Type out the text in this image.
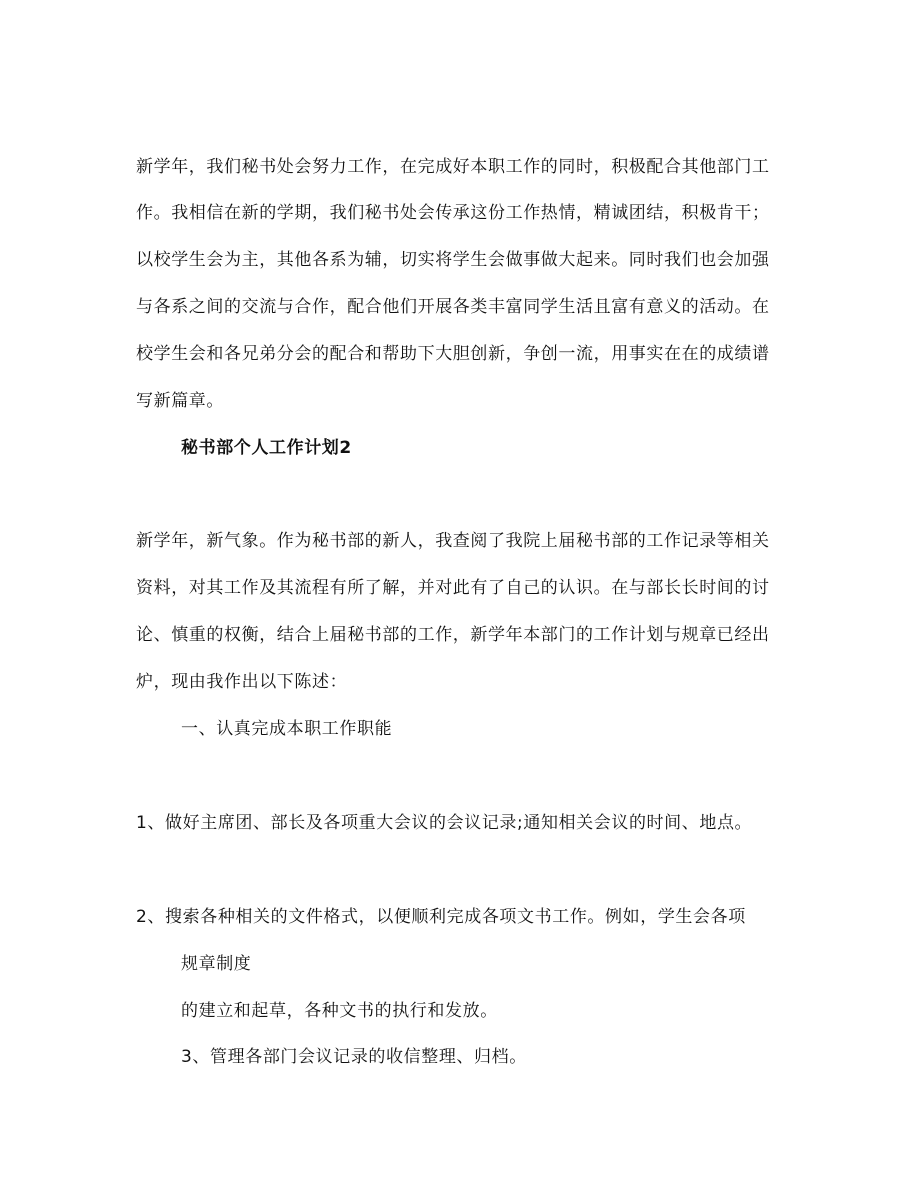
新学年，我们秘书处会努力工作，在完成好本职工作的同时，积极配合其他部门工
作。我相信在新的学期，我们秘书处会传承这份工作热情，精诚团结，积极肯干；
以校学生会为主，其他各系为辅，切实将学生会做事做大起来。同时我们也会加强
与各系之间的交流与合作，配合他们开展各类丰富同学生活且富有意义的活动。在
校学生会和各兄弟分会的配合和帮助下大胆创新，争创一流，用事实在在的成绩谱
写新篇章。
秘书部个人工作计划2
新学年，新气象。作为秘书部的新人，我查阅了我院上届秘书部的工作记录等相关
资料，对其工作及其流程有所了解，并对此有了自己的认识。在与部长长时间的讨
论、慎重的权衡，结合上届秘书部的工作，新学年本部门的工作计划与规章已经出
炉，现由我作出以下陈述：
一、认真完成本职工作职能
1、做好主席团、部长及各项重大会议的会议记录;通知相关会议的时间、地点。
2、搜索各种相关的文件格式，以便顺利完成各项文书工作。例如，学生会各项
规章制度
的建立和起草，各种文书的执行和发放。
3、管理各部门会议记录的收信整理、归档。
